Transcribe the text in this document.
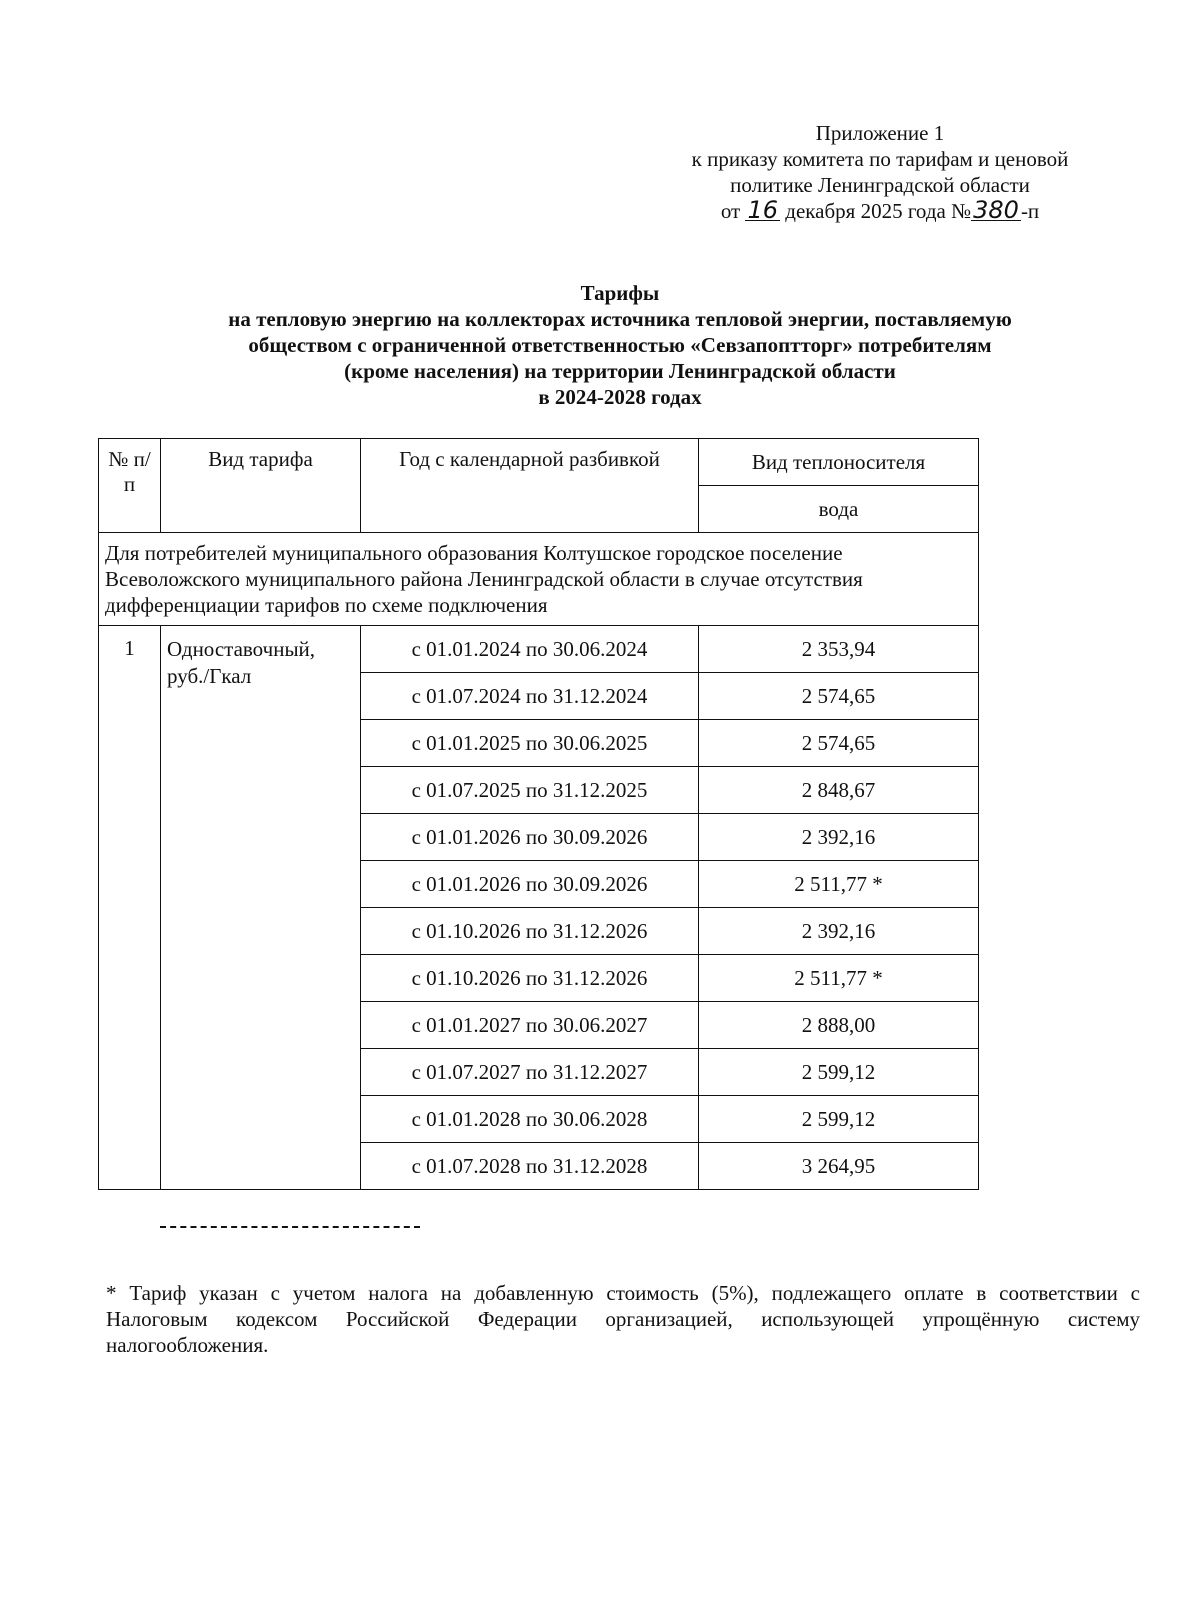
Приложение 1
к приказу комитета по тарифам и ценовой
политике Ленинградской области
от 16 декабря 2025 года №380-п
Тарифы
на тепловую энергию на коллекторах источника тепловой энергии, поставляемую
обществом с ограниченной ответственностью «Севзапоптторг» потребителям
(кроме населения) на территории Ленинградской области
в 2024-2028 годах
№ п/п	Вид тарифа	Год с календарной разбивкой	Вид теплоносителя
			вода
Для потребителей муниципального образования Колтушское городское поселение Всеволожского муниципального района Ленинградской области в случае отсутствия дифференциации тарифов по схеме подключения			
1	Одноставочный, руб./Гкал	с 01.01.2024 по 30.06.2024	2 353,94
		с 01.07.2024 по 31.12.2024	2 574,65
		с 01.01.2025 по 30.06.2025	2 574,65
		с 01.07.2025 по 31.12.2025	2 848,67
		с 01.01.2026 по 30.09.2026	2 392,16
		с 01.01.2026 по 30.09.2026	2 511,77 *
		с 01.10.2026 по 31.12.2026	2 392,16
		с 01.10.2026 по 31.12.2026	2 511,77 *
		с 01.01.2027 по 30.06.2027	2 888,00
		с 01.07.2027 по 31.12.2027	2 599,12
		с 01.01.2028 по 30.06.2028	2 599,12
		с 01.07.2028 по 31.12.2028	3 264,95
* Тариф указан с учетом налога на добавленную стоимость (5%), подлежащего оплате в соответствии с Налоговым кодексом Российской Федерации организацией, использующей упрощённую систему налогообложения.
